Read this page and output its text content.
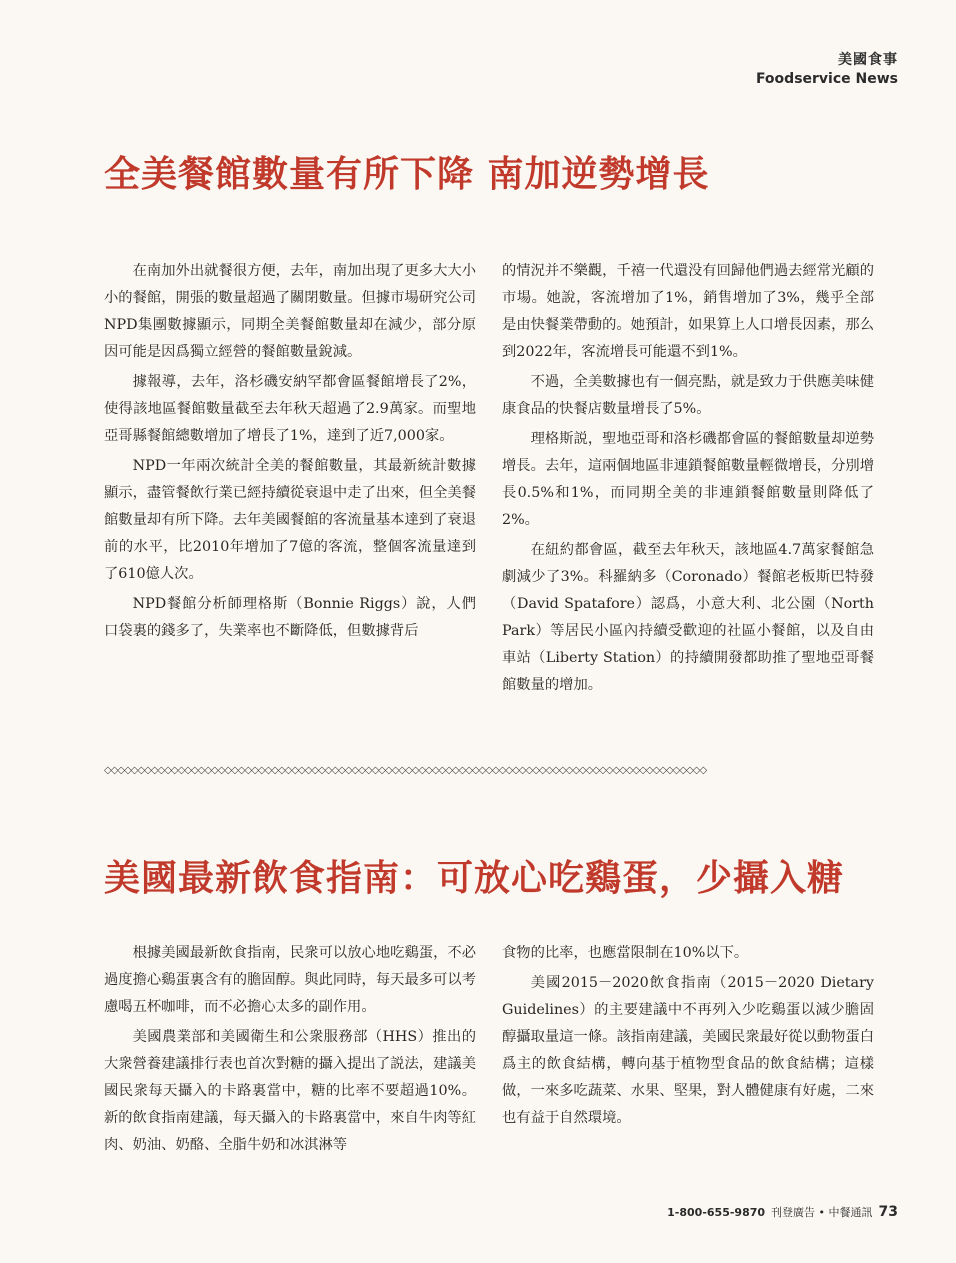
美國食事
Foodservice News
全美餐館數量有所下降 南加逆勢增長

在南加外出就餐很方便，去年，南加出現了更多大大小小的餐館，開張的數量超過了關閉數量。但據市場研究公司NPD集團數據顯示，同期全美餐館數量却在減少，部分原因可能是因爲獨立經營的餐館數量銳減。

據報導，去年，洛杉磯安納罕都會區餐館增長了2%，使得該地區餐館數量截至去年秋天超過了2.9萬家。而聖地亞哥縣餐館總數增加了增長了1%，達到了近7,000家。

NPD一年兩次統計全美的餐館數量，其最新統計數據顯示，盡管餐飲行業已經持續從衰退中走了出來，但全美餐館數量却有所下降。去年美國餐館的客流量基本達到了衰退前的水平，比2010年增加了7億的客流，整個客流量達到了610億人次。

NPD餐館分析師理格斯（Bonnie Riggs）說，人們口袋裏的錢多了，失業率也不斷降低，但數據背后

的情況并不樂觀，千禧一代還没有回歸他們過去經常光顧的市場。她說，客流增加了1%，銷售增加了3%，幾乎全部是由快餐業帶動的。她預計，如果算上人口增長因素，那么到2022年，客流增長可能還不到1%。

不過，全美數據也有一個亮點，就是致力于供應美味健康食品的快餐店數量增長了5%。

理格斯説，聖地亞哥和洛杉磯都會區的餐館數量却逆勢增長。去年，這兩個地區非連鎖餐館數量輕微增長，分別增長0.5%和1%，而同期全美的非連鎖餐館數量則降低了2%。

在紐約都會區，截至去年秋天，該地區4.7萬家餐館急劇減少了3%。科羅納多（Coronado）餐館老板斯巴特發（David Spatafore）認爲，小意大利、北公園（North Park）等居民小區內持續受歡迎的社區小餐館，以及自由車站（Liberty Station）的持續開發都助推了聖地亞哥餐館數量的增加。

◇◇◇◇◇◇◇◇◇◇◇◇◇◇◇◇◇◇◇◇◇◇◇◇◇◇◇◇◇◇◇◇◇◇◇◇◇◇◇◇◇◇◇◇◇◇◇◇◇◇◇◇◇◇◇◇◇◇◇◇◇◇◇◇◇◇◇◇◇◇◇◇◇◇◇◇◇◇◇◇◇◇◇◇◇◇◇◇◇◇
美國最新飲食指南：可放心吃鷄蛋，少攝入糖

根據美國最新飲食指南，民衆可以放心地吃鷄蛋，不必過度擔心鷄蛋裏含有的膽固醇。與此同時，每天最多可以考慮喝五杯咖啡，而不必擔心太多的副作用。

美國農業部和美國衛生和公衆服務部（HHS）推出的大衆營養建議排行表也首次對糖的攝入提出了説法，建議美國民衆每天攝入的卡路裏當中，糖的比率不要超過10%。新的飲食指南建議，每天攝入的卡路裏當中，來自牛肉等紅肉、奶油、奶酪、全脂牛奶和冰淇淋等

食物的比率，也應當限制在10%以下。

美國2015－2020飲食指南（2015－2020 Dietary Guidelines）的主要建議中不再列入少吃鷄蛋以減少膽固醇攝取量這一條。該指南建議，美國民衆最好從以動物蛋白爲主的飲食結構，轉向基于植物型食品的飲食結構；這樣做，一來多吃蔬菜、水果、堅果，對人體健康有好處，二來也有益于自然環境。

1-800-655-9870 刊登廣告 • 中餐通訊 73
